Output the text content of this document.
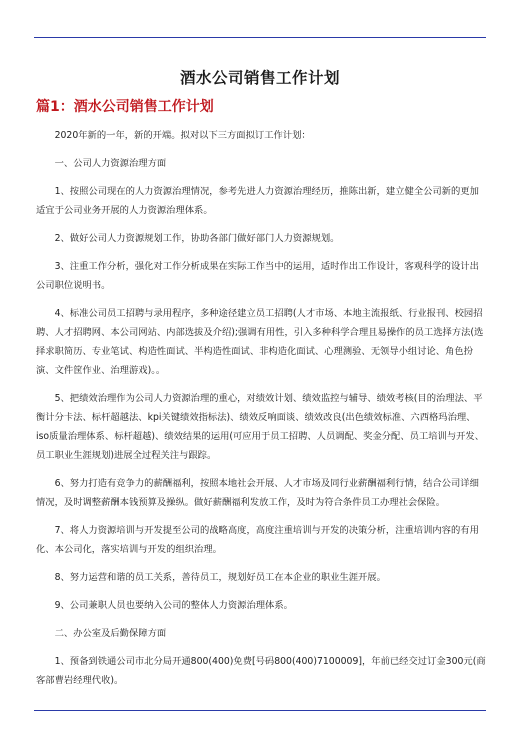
酒水公司销售工作计划
篇1：酒水公司销售工作计划

2020年新的一年，新的开端。拟对以下三方面拟订工作计划：

一、公司人力资源治理方面

1、按照公司现在的人力资源治理情况，参考先进人力资源治理经历，推陈出新，建立健全公司新的更加适宜于公司业务开展的人力资源治理体系。

2、做好公司人力资源规划工作，协助各部门做好部门人力资源规划。

3、注重工作分析，强化对工作分析成果在实际工作当中的运用，适时作出工作设计，客观科学的设计出公司职位说明书。

4、标准公司员工招聘与录用程序，多种途径建立员工招聘(人才市场、本地主流报纸、行业报刊、校园招聘、人才招聘网、本公司网站、内部选拔及介绍);强调有用性，引入多种科学合理且易操作的员工选择方法(选择求职简历、专业笔试、构造性面试、半构造性面试、非构造化面试、心理测验、无领导小组讨论、角色扮演、文件筐作业、治理游戏)。。

5、把绩效治理作为公司人力资源治理的重心，对绩效计划、绩效监控与辅导、绩效考核(目的治理法、平衡计分卡法、标杆超越法、kpi关键绩效指标法)、绩效反响面谈、绩效改良(出色绩效标准、六西格玛治理、iso质量治理体系、标杆超越)、绩效结果的运用(可应用于员工招聘、人员调配、奖金分配、员工培训与开发、员工职业生涯规划)进展全过程关注与跟踪。

6、努力打造有竞争力的薪酬福利，按照本地社会开展、人才市场及同行业薪酬福利行情，结合公司详细情况，及时调整薪酬本钱预算及操纵。做好薪酬福利发放工作，及时为符合条件员工办理社会保险。

7、将人力资源培训与开发提至公司的战略高度，高度注重培训与开发的决策分析，注重培训内容的有用化、本公司化，落实培训与开发的组织治理。

8、努力运营和谐的员工关系，善待员工，规划好员工在本企业的职业生涯开展。

9、公司兼职人员也要纳入公司的整体人力资源治理体系。

二、办公室及后勤保障方面

1、预备到铁通公司市北分局开通800(400)免费[号码800(400)7100009]，年前已经交过订金300元(商客部曹岩经理代收)。
